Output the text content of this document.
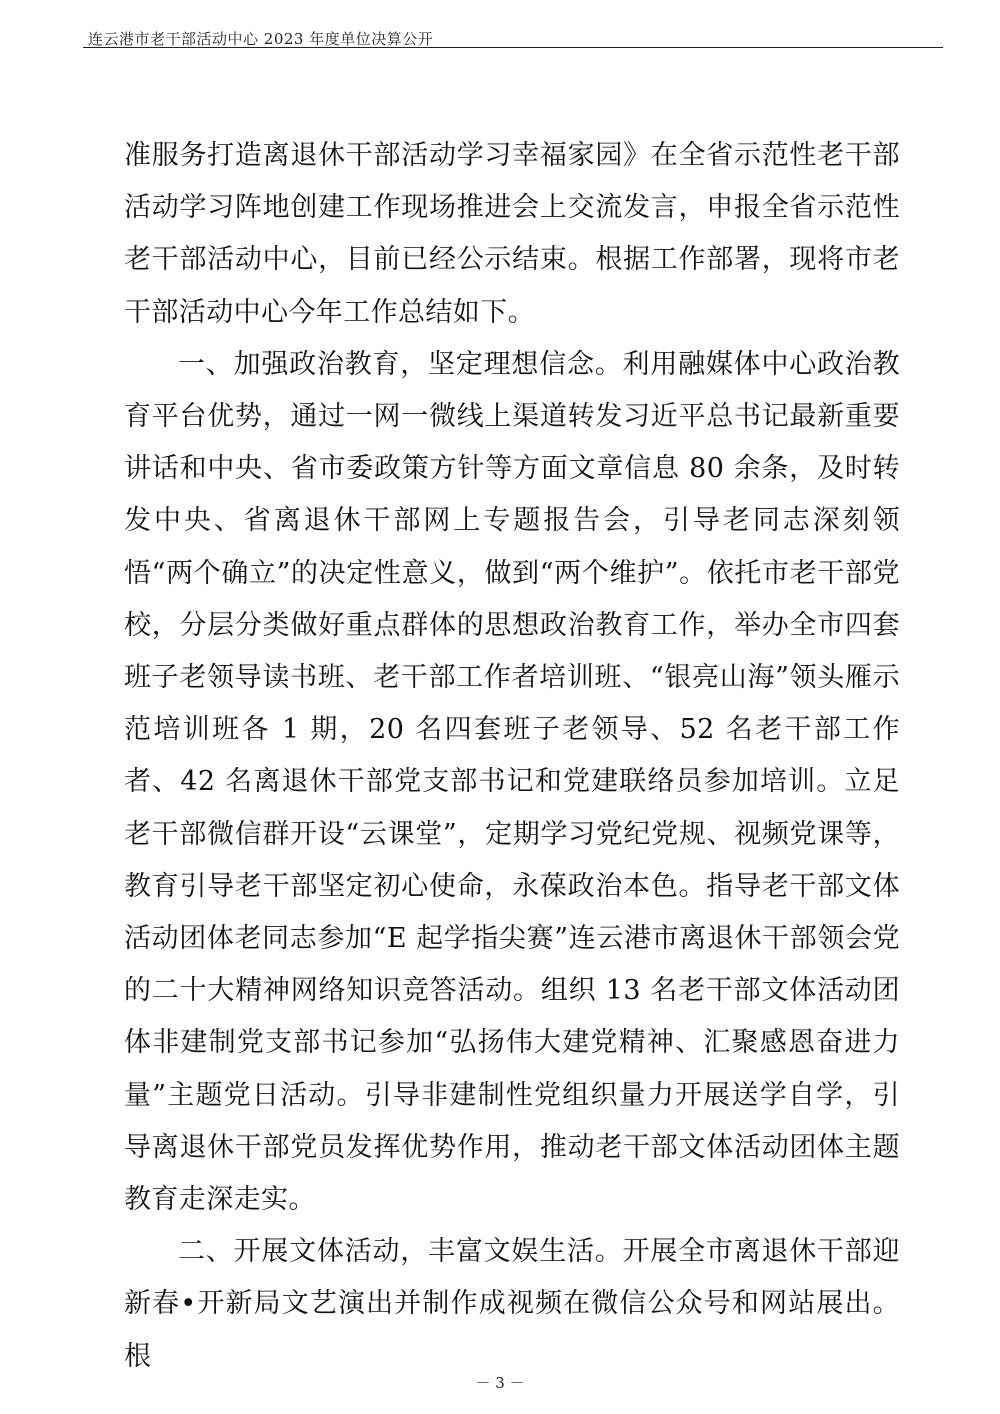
连云港市老干部活动中心 2023 年度单位决算公开

准服务打造离退休干部活动学习幸福家园》在全省示范性老干部活动学习阵地创建工作现场推进会上交流发言，申报全省示范性老干部活动中心，目前已经公示结束。根据工作部署，现将市老干部活动中心今年工作总结如下。

一、加强政治教育，坚定理想信念。利用融媒体中心政治教育平台优势，通过一网一微线上渠道转发习近平总书记最新重要讲话和中央、省市委政策方针等方面文章信息 80 余条，及时转发中央、省离退休干部网上专题报告会，引导老同志深刻领悟“两个确立”的决定性意义，做到“两个维护”。依托市老干部党校，分层分类做好重点群体的思想政治教育工作，举办全市四套班子老领导读书班、老干部工作者培训班、“银亮山海”领头雁示范培训班各 1 期，20 名四套班子老领导、52 名老干部工作者、42 名离退休干部党支部书记和党建联络员参加培训。立足老干部微信群开设“云课堂”，定期学习党纪党规、视频党课等，教育引导老干部坚定初心使命，永葆政治本色。指导老干部文体活动团体老同志参加“E 起学指尖赛”连云港市离退休干部领会党的二十大精神网络知识竞答活动。组织 13 名老干部文体活动团体非建制党支部书记参加“弘扬伟大建党精神、汇聚感恩奋进力量”主题党日活动。引导非建制性党组织量力开展送学自学，引导离退休干部党员发挥优势作用，推动老干部文体活动团体主题教育走深走实。

二、开展文体活动，丰富文娱生活。开展全市离退休干部迎新春•开新局文艺演出并制作成视频在微信公众号和网站展出。根

－ 3 －
